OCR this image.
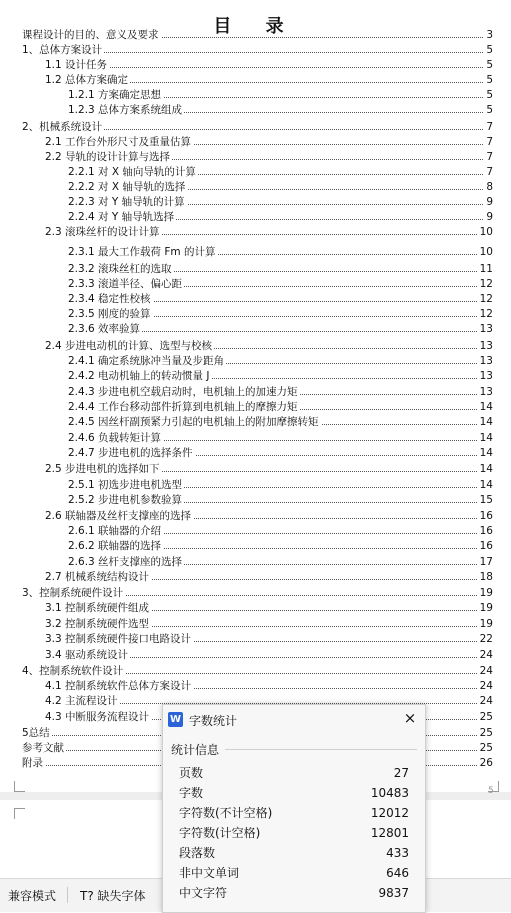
目 录
课程设计的目的、意义及要求	3
1、总体方案设计	5
1.1 设计任务	5
1.2 总体方案确定	5
1.2.1 方案确定思想	5
1.2.3 总体方案系统组成	5
2、机械系统设计	7
2.1 工作台外形尺寸及重量估算	7
2.2 导轨的设计计算与选择	7
2.2.1 对 X 轴向导轨的计算	7
2.2.2 对 X 轴导轨的选择	8
2.2.3 对 Y 轴导轨的计算	9
2.2.4 对 Y 轴导轨选择	9
2.3 滚珠丝杆的设计计算	10
2.3.1 最大工作载荷 Fm 的计算	10
2.3.2 滚珠丝杠的选取	11
2.3.3 滚道半径、偏心距	12
2.3.4 稳定性校核	12
2.3.5 刚度的验算	12
2.3.6 效率验算	13
2.4 步进电动机的计算、选型与校核	13
2.4.1 确定系统脉冲当量及步距角	13
2.4.2 电动机轴上的转动惯量 J	13
2.4.3 步进电机空载启动时，电机轴上的加速力矩	13
2.4.4 工作台移动部件折算到电机轴上的摩擦力矩	14
2.4.5 因丝杆副预紧力引起的电机轴上的附加摩擦转矩	14
2.4.6 负载转矩计算	14
2.4.7 步进电机的选择条件	14
2.5 步进电机的选择如下	14
2.5.1 初选步进电机选型	14
2.5.2 步进电机参数验算	15
2.6 联轴器及丝杆支撑座的选择	16
2.6.1 联轴器的介绍	16
2.6.2 联轴器的选择	16
2.6.3 丝杆支撑座的选择	17
2.7 机械系统结构设计	18
3、控制系统硬件设计	19
3.1 控制系统硬件组成	19
3.2 控制系统硬件选型	19
3.3 控制系统硬件接口电路设计	22
3.4 驱动系统设计	24
4、控制系统软件设计	24
4.1 控制系统软件总体方案设计	24
4.2 主流程设计	24
4.3 中断服务流程设计	25
5总结	25
参考文献	25
附录	26
5
兼容模式 T? 缺失字体
W 字数统计	×
统计信息
页数	27
字数	10483
字符数(不计空格)	12012
字符数(计空格)	12801
段落数	433
非中文单词	646
中文字符	9837
